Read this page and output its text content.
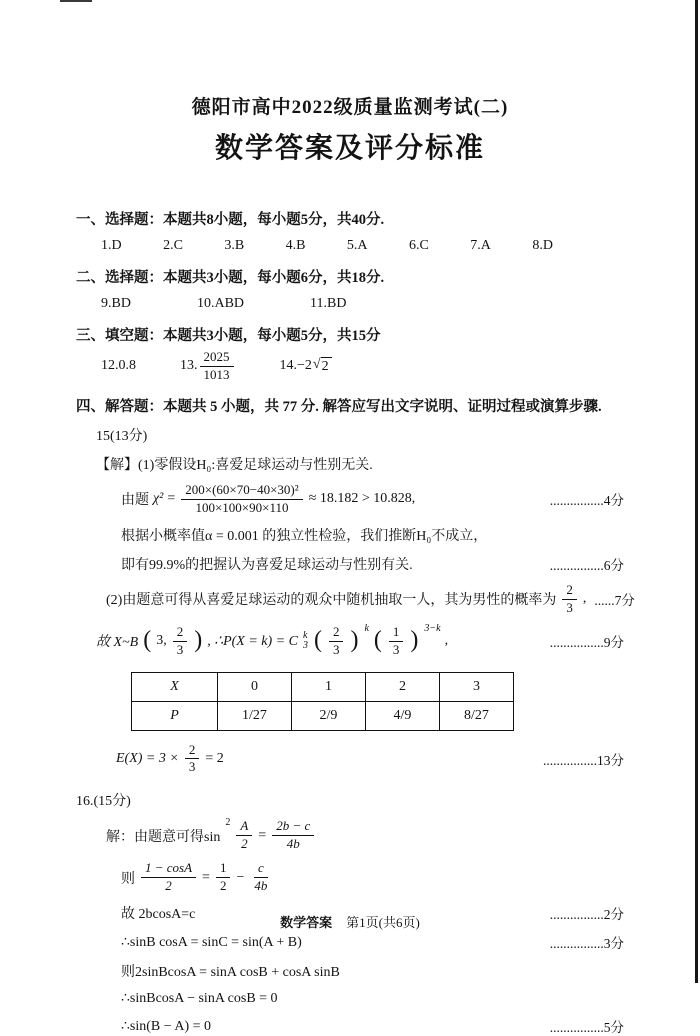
德阳市高中2022级质量监测考试(二)
数学答案及评分标准
一、选择题：本题共8小题，每小题5分，共40分.
1.D	2.C	3.B	4.B	5.A	6.C	7.A	8.D
二、选择题：本题共3小题，每小题6分，共18分.
9.BD	10.ABD	11.BD
三、填空题：本题共3小题，每小题5分，共15分
12.0.8	13. $\frac{2025}{1013}$	14.−2 √ 2
四、解答题：本题共 5 小题，共 77 分. 解答应写出文字说明、证明过程或演算步骤.
15(13分)
【解】(1)零假设H₀:喜爱足球运动与性别无关.
由题 $\chi^2 = \frac{\text{200×(60×70−40×30)²}}{100\times 100\times 90\times 110} \approx 18.182 > 10.828$,	................4分
根据小概率值α = 0.001 的独立性检验，我们推断H₀不成立，
即有99.9%的把握认为喜爱足球运动与性别有关.	................6分
(2)由题意可得从喜爱足球运动的观众中随机抽取一人，其为男性的概率为 $\frac{2}{3}$ , ......7分
故 X~B ( 3, $\frac{2}{3}$ ) , ∴P(X = k) = C k
3 ( $\frac{2}{3}$ ) k ( $\frac{1}{3}$ ) 3−k
,	................9分
X	0	1	2	3
P	1/27	2/9	4/9	8/27
$E(X) = 3 \times \frac{2}{3} = 2$	................13分
16.(15分)
解：由题意可得sin
$2 \frac{A}{2} = \frac{2b - c}{4b}$
则 $\frac{1 - \cos A}{2} = \frac{1}{2} - \frac{c}{4b}$
故 2bcosA=c	................2分
∴sinB cosA = sinC = sin(A + B)	................3分
则2sinBcosA = sinA cosB + cosA sinB
∴sinBcosA − sinA cosB = 0
∴sin(B − A) = 0	................5分
数学答案 第1页(共6页)
